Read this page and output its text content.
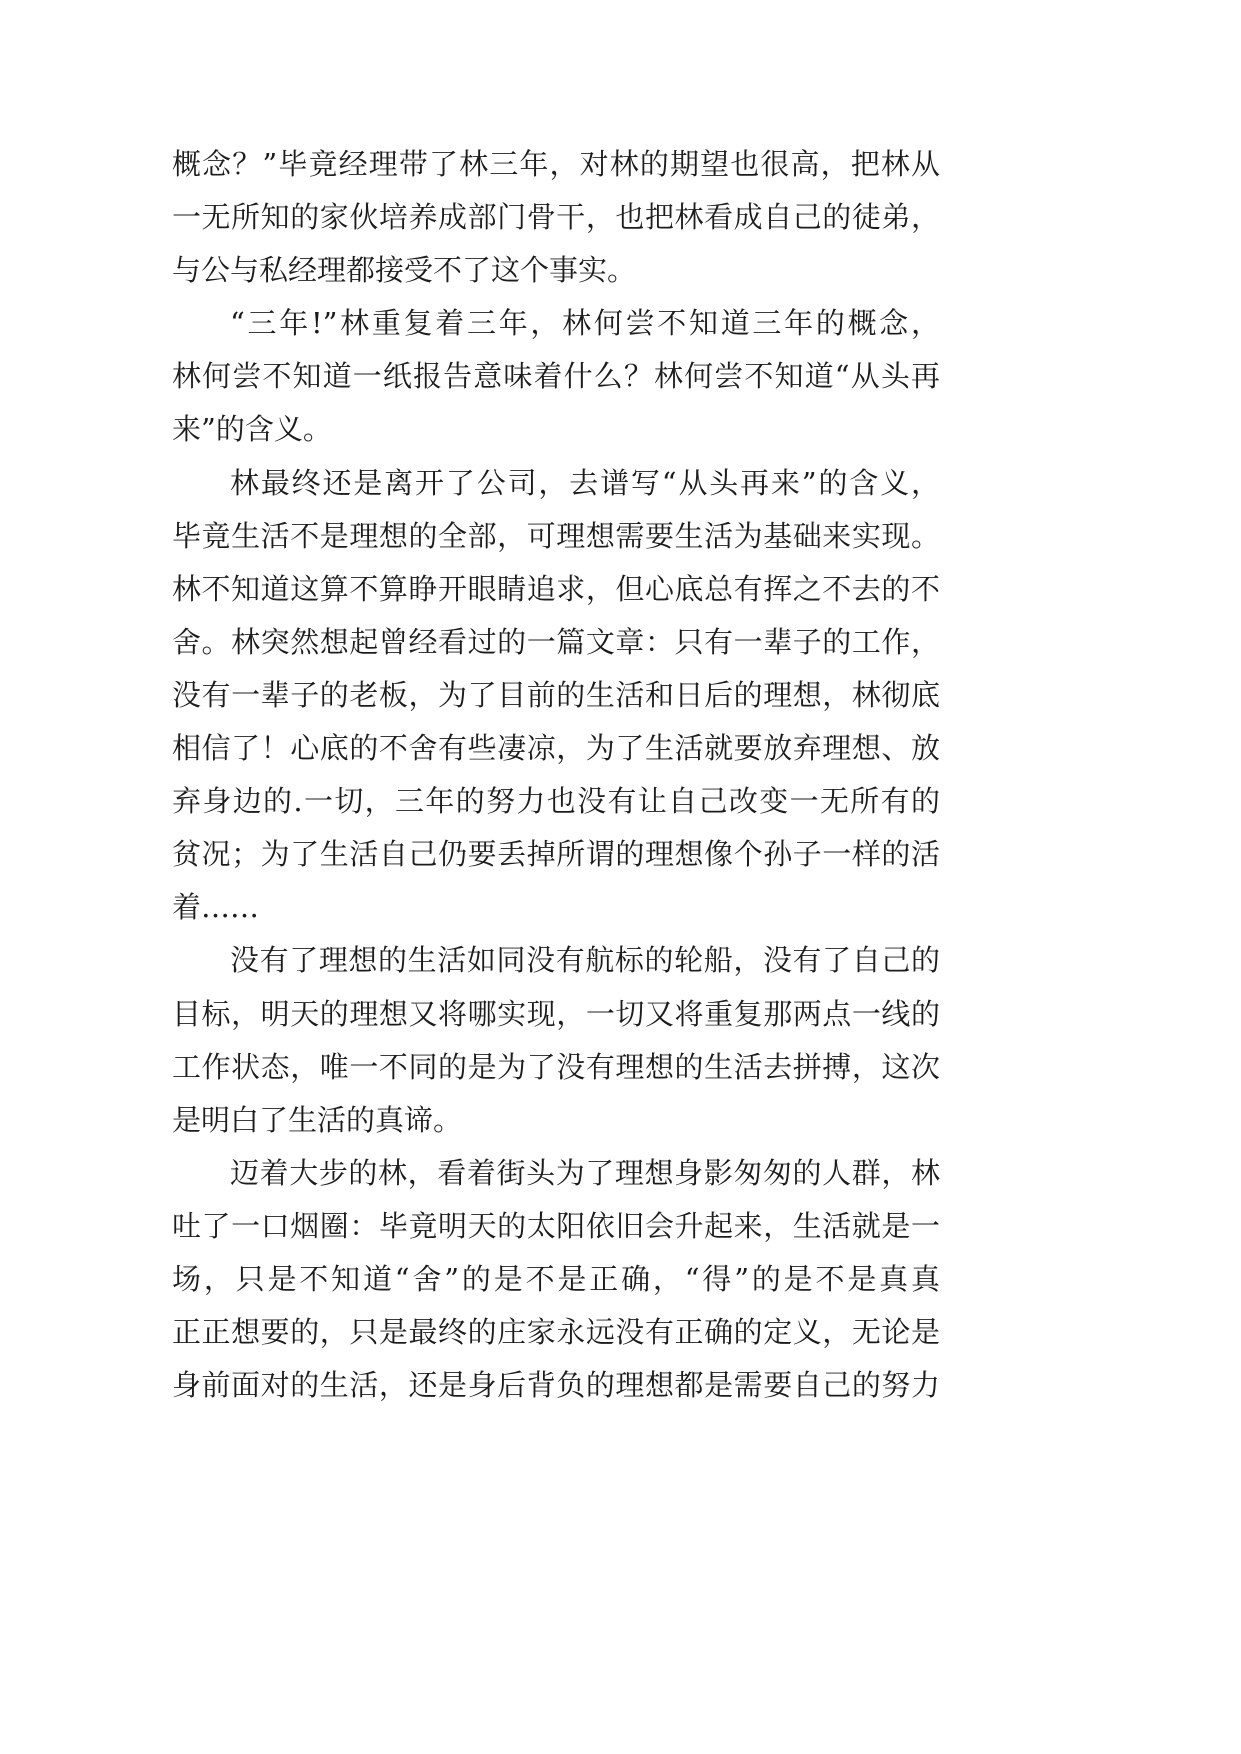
概念？”毕竟经理带了林三年，对林的期望也很高，把林从
一无所知的家伙培养成部门骨干，也把林看成自己的徒弟，
与公与私经理都接受不了这个事实。
“三年!”林重复着三年，林何尝不知道三年的概念，
林何尝不知道一纸报告意味着什么？林何尝不知道“从头再
来”的含义。
林最终还是离开了公司，去谱写“从头再来”的含义，
毕竟生活不是理想的全部，可理想需要生活为基础来实现。
林不知道这算不算睁开眼睛追求，但心底总有挥之不去的不
舍。林突然想起曾经看过的一篇文章：只有一辈子的工作，
没有一辈子的老板，为了目前的生活和日后的理想，林彻底
相信了！心底的不舍有些凄凉，为了生活就要放弃理想、放
弃身边的.一切，三年的努力也没有让自己改变一无所有的
贫况；为了生活自己仍要丢掉所谓的理想像个孙子一样的活
着……
没有了理想的生活如同没有航标的轮船，没有了自己的
目标，明天的理想又将哪实现，一切又将重复那两点一线的
工作状态，唯一不同的是为了没有理想的生活去拼搏，这次
是明白了生活的真谛。
迈着大步的林，看着街头为了理想身影匆匆的人群，林
吐了一口烟圈：毕竟明天的太阳依旧会升起来，生活就是一
场，只是不知道“舍”的是不是正确，“得”的是不是真真
正正想要的，只是最终的庄家永远没有正确的定义，无论是
身前面对的生活，还是身后背负的理想都是需要自己的努力
